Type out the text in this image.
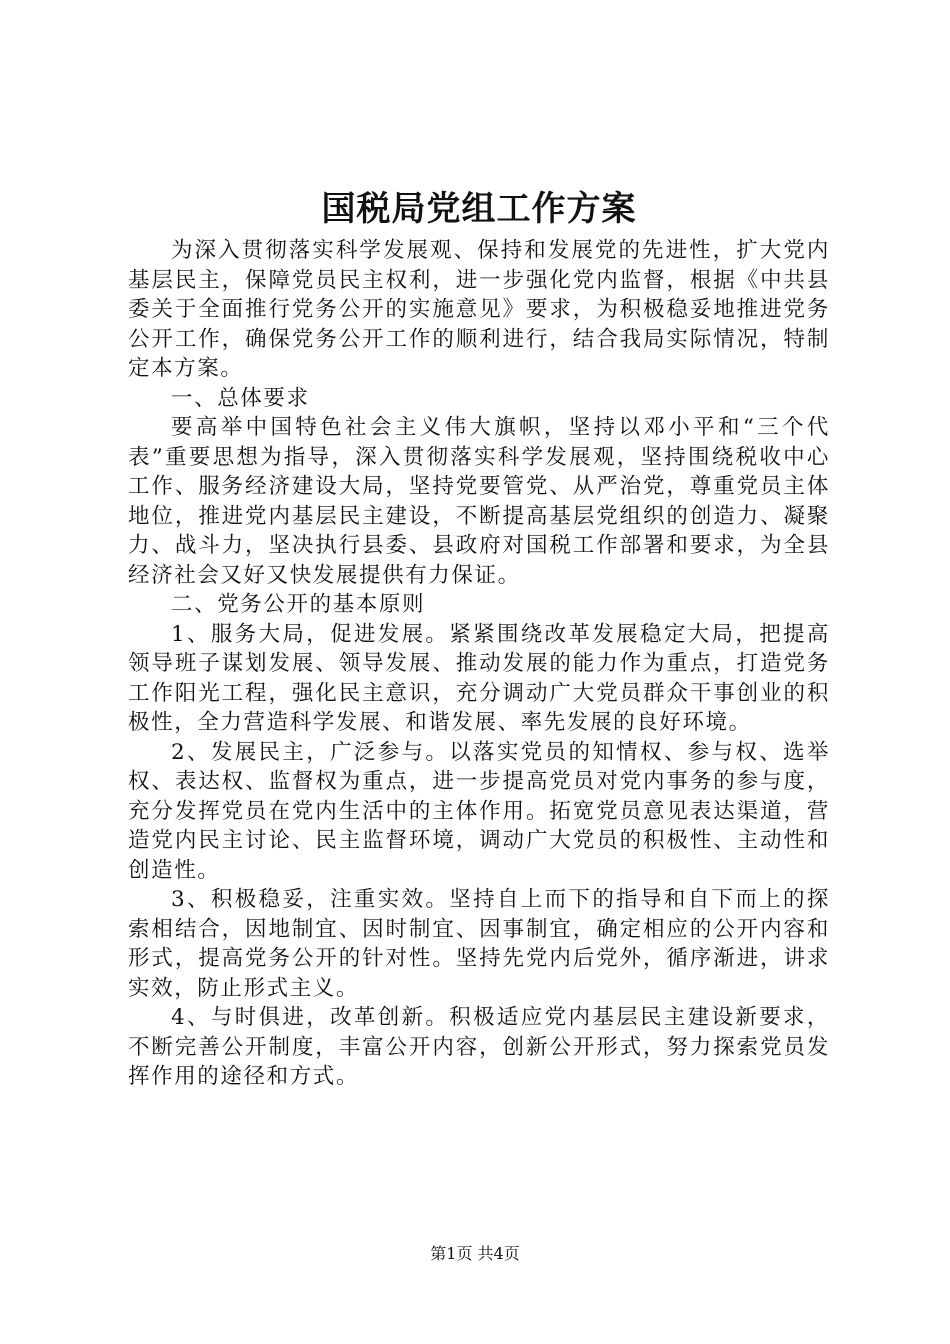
国税局党组工作方案

为深入贯彻落实科学发展观、保持和发展党的先进性，扩大党内基层民主，保障党员民主权利，进一步强化党内监督，根据《中共县委关于全面推行党务公开的实施意见》要求，为积极稳妥地推进党务公开工作，确保党务公开工作的顺利进行，结合我局实际情况，特制定本方案。

一、总体要求

要高举中国特色社会主义伟大旗帜，坚持以邓小平和“三个代表”重要思想为指导，深入贯彻落实科学发展观，坚持围绕税收中心工作、服务经济建设大局，坚持党要管党、从严治党，尊重党员主体地位，推进党内基层民主建设，不断提高基层党组织的创造力、凝聚力、战斗力，坚决执行县委、县政府对国税工作部署和要求，为全县经济社会又好又快发展提供有力保证。

二、党务公开的基本原则

1、服务大局，促进发展。紧紧围绕改革发展稳定大局，把提高领导班子谋划发展、领导发展、推动发展的能力作为重点，打造党务工作阳光工程，强化民主意识，充分调动广大党员群众干事创业的积极性，全力营造科学发展、和谐发展、率先发展的良好环境。

2、发展民主，广泛参与。以落实党员的知情权、参与权、选举权、表达权、监督权为重点，进一步提高党员对党内事务的参与度，充分发挥党员在党内生活中的主体作用。拓宽党员意见表达渠道，营造党内民主讨论、民主监督环境，调动广大党员的积极性、主动性和创造性。

3、积极稳妥，注重实效。坚持自上而下的指导和自下而上的探索相结合，因地制宜、因时制宜、因事制宜，确定相应的公开内容和形式，提高党务公开的针对性。坚持先党内后党外，循序渐进，讲求实效，防止形式主义。

4、与时俱进，改革创新。积极适应党内基层民主建设新要求，不断完善公开制度，丰富公开内容，创新公开形式，努力探索党员发挥作用的途径和方式。

第1页 共4页
